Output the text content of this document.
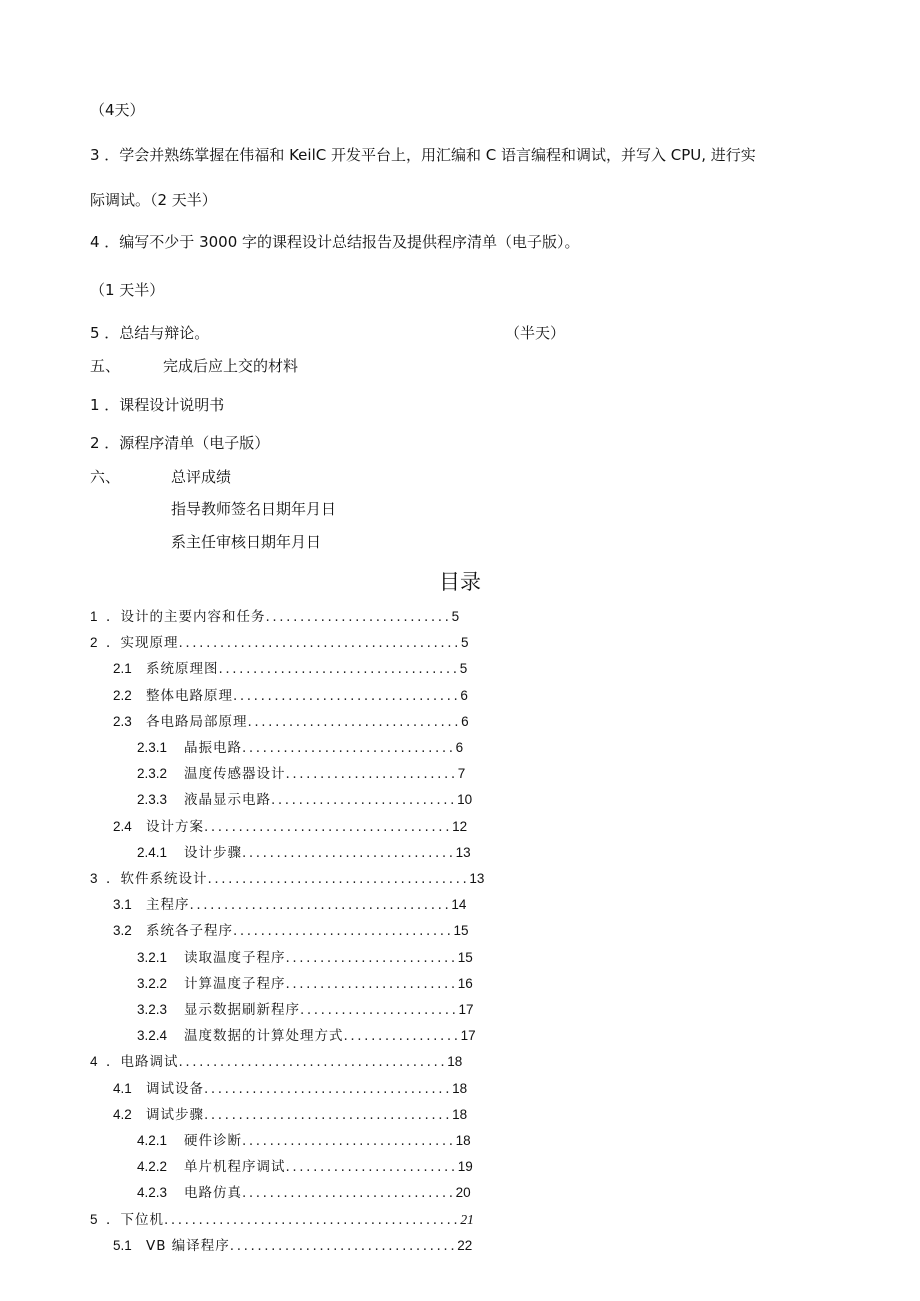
（4天）
3 ．学会并熟练掌握在伟福和 KeilC 开发平台上，用汇编和 C 语言编程和调试，并写入 CPU, 进行实
际调试。（2 天半）
4 ．编写不少于 3000 字的课程设计总结报告及提供程序清单（电子版）。
（1 天半）
5 ．总结与辩论。	（半天）
五、	完成后应上交的材料
1 ．课程设计说明书
2 ．源程序清单（电子版）
六、	总评成绩
指导教师签名日期年月日
系主任审核日期年月日
目录
1 ．设计的主要内容和任务...........................5
2 ．实现原理.........................................5
2.1 系统原理图...................................5
2.2 整体电路原理.................................6
2.3 各电路局部原理...............................6
2.3.1 晶振电路...............................6
2.3.2 温度传感器设计.........................7
2.3.3 液晶显示电路...........................10
2.4 设计方案....................................12
2.4.1 设计步骤...............................13
3 ．软件系统设计......................................13
3.1 主程序......................................14
3.2 系统各子程序................................15
3.2.1 读取温度子程序.........................15
3.2.2 计算温度子程序.........................16
3.2.3 显示数据刷新程序.......................17
3.2.4 温度数据的计算处理方式.................17
4 ．电路调试.......................................18
4.1 调试设备....................................18
4.2 调试步骤....................................18
4.2.1 硬件诊断...............................18
4.2.2 单片机程序调试.........................19
4.2.3 电路仿真...............................20
5 ．下位机...........................................21
5.1 VB 编译程序.................................22
